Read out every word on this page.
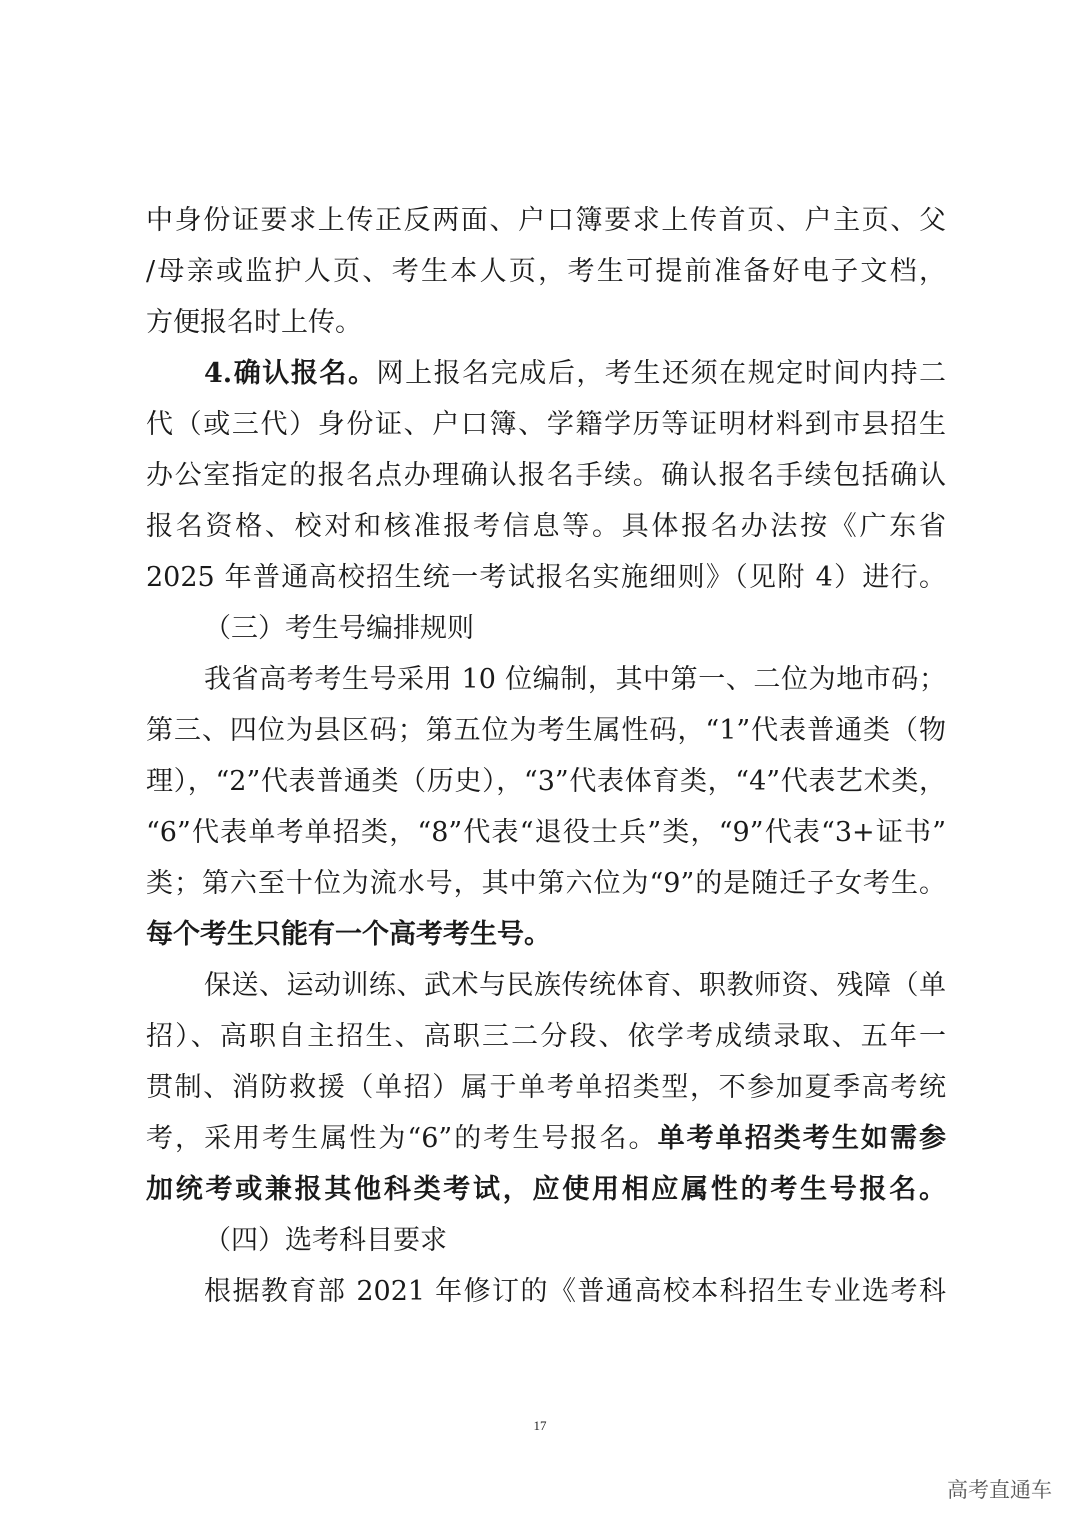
中身份证要求上传正反两面、户口簿要求上传首页、户主页、父
/母亲或监护人页、考生本人页，考生可提前准备好电子文档，
方便报名时上传。
4.确认报名。网上报名完成后，考生还须在规定时间内持二
代（或三代）身份证、户口簿、学籍学历等证明材料到市县招生
办公室指定的报名点办理确认报名手续。确认报名手续包括确认
报名资格、校对和核准报考信息等。具体报名办法按《广东省
2025 年普通高校招生统一考试报名实施细则》（见附 4）进行。
（三）考生号编排规则
我省高考考生号采用 10 位编制，其中第一、二位为地市码；
第三、四位为县区码；第五位为考生属性码，“1”代表普通类（物
理），“2”代表普通类（历史），“3”代表体育类，“4”代表艺术类，
“6”代表单考单招类，“8”代表“退役士兵”类，“9”代表“3+证书”
类；第六至十位为流水号，其中第六位为“9”的是随迁子女考生。
每个考生只能有一个高考考生号。
保送、运动训练、武术与民族传统体育、职教师资、残障（单
招）、高职自主招生、高职三二分段、依学考成绩录取、五年一
贯制、消防救援（单招）属于单考单招类型，不参加夏季高考统
考，采用考生属性为“6”的考生号报名。单考单招类考生如需参
加统考或兼报其他科类考试，应使用相应属性的考生号报名。
（四）选考科目要求
根据教育部 2021 年修订的《普通高校本科招生专业选考科
17
高考直通车
